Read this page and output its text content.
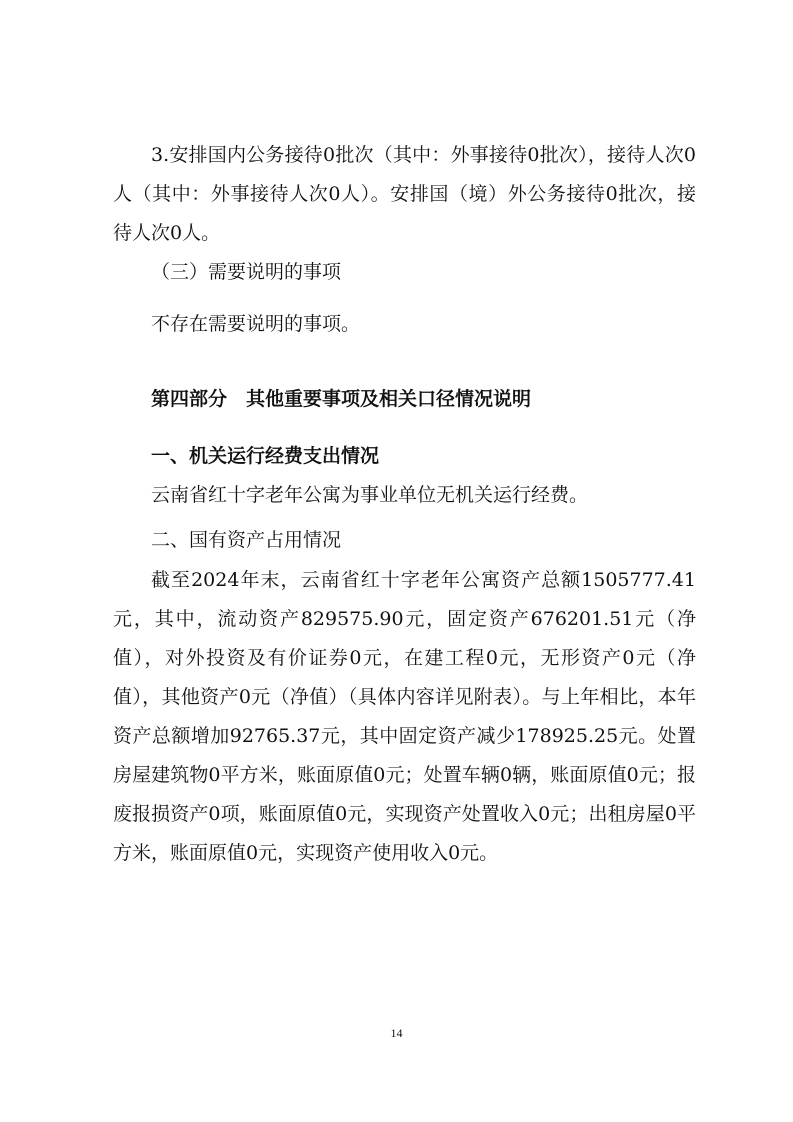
3.安排国内公务接待0批次（其中：外事接待0批次），接待人次0人（其中：外事接待人次0人）。安排国（境）外公务接待0批次，接待人次0人。

（三）需要说明的事项

不存在需要说明的事项。

第四部分　其他重要事项及相关口径情况说明

一、机关运行经费支出情况

云南省红十字老年公寓为事业单位无机关运行经费。

二、国有资产占用情况

截至2024年末，云南省红十字老年公寓资产总额1505777.41元，其中，流动资产829575.90元，固定资产676201.51元（净值），对外投资及有价证券0元，在建工程0元，无形资产0元（净值），其他资产0元（净值）（具体内容详见附表）。与上年相比，本年资产总额增加92765.37元，其中固定资产减少178925.25元。处置房屋建筑物0平方米，账面原值0元；处置车辆0辆，账面原值0元；报废报损资产0项，账面原值0元，实现资产处置收入0元；出租房屋0平方米，账面原值0元，实现资产使用收入0元。

14
